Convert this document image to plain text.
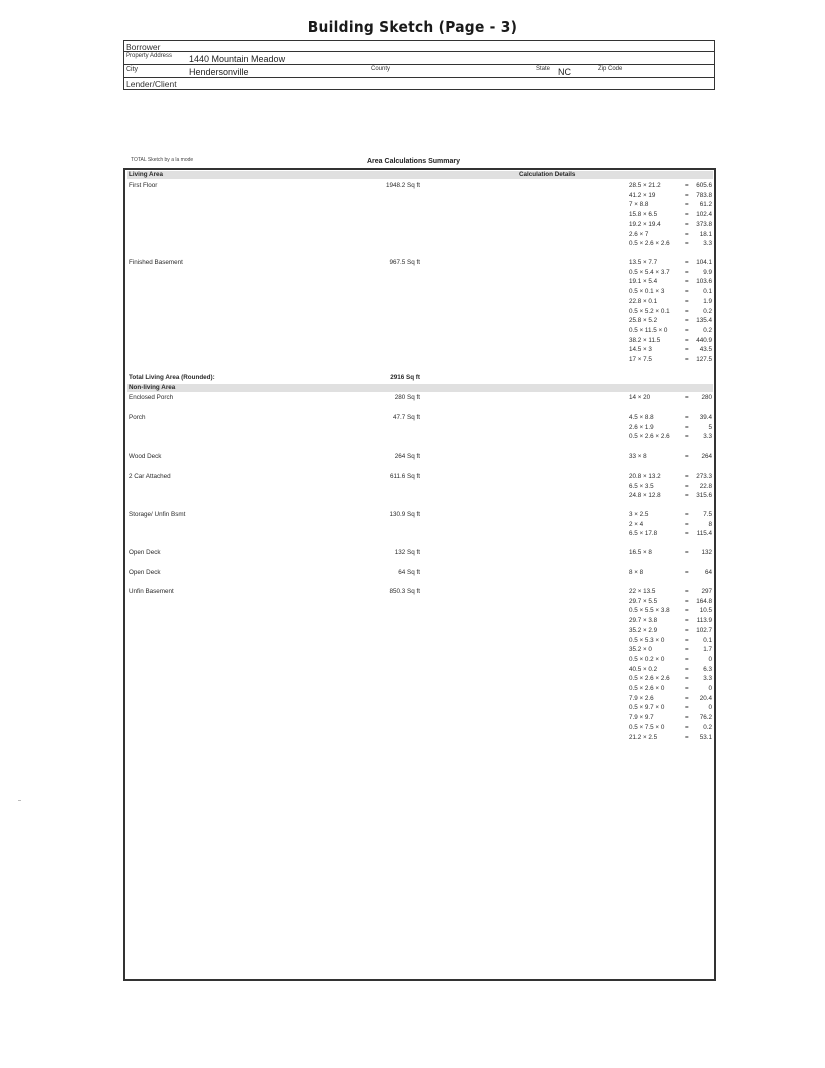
Building Sketch (Page - 3)
Borrower
Property Address 1440 Mountain Meadow
City	Hendersonville	County	State NC	Zip Code
Lender/Client
TOTAL Sketch by a la mode	Area Calculations Summary
Living Area	Calculation Details
First Floor	1948.2 Sq ft	28.5 × 21.2	=	605.6
41.2 × 19	=	783.8
7 × 8.8	=	61.2
15.8 × 6.5	=	102.4
19.2 × 19.4	=	373.8
2.6 × 7	=	18.1
0.5 × 2.6 × 2.6 =	3.3
Finished Basement	967.5 Sq ft	13.5 × 7.7	=	104.1
0.5 × 5.4 × 3.7 =	9.9
19.1 × 5.4	=	103.6
0.5 × 0.1 × 3	=	0.1
22.8 × 0.1	=	1.9
0.5 × 5.2 × 0.1 =	0.2
25.8 × 5.2	=	135.4
0.5 × 11.5 × 0	=	0.2
38.2 × 11.5	=	440.9
14.5 × 3	=	43.5
17 × 7.5	=	127.5
Total Living Area (Rounded):	2916 Sq ft
Non-living Area
Enclosed Porch	280 Sq ft	14 × 20	=	280
Porch	47.7 Sq ft	4.5 × 8.8	=	39.4
2.6 × 1.9	=	5
0.5 × 2.6 × 2.6 =	3.3
Wood Deck	264 Sq ft	33 × 8	=	264
2 Car Attached	611.6 Sq ft	20.8 × 13.2	=	273.3
6.5 × 3.5	=	22.8
24.8 × 12.8	=	315.6
Storage/ Unfin Bsmt	130.9 Sq ft	3 × 2.5	=	7.5
2 × 4	=	8
6.5 × 17.8	=	115.4
Open Deck	132 Sq ft	16.5 × 8	=	132
Open Deck	64 Sq ft	8 × 8	=	64
Unfin Basement	850.3 Sq ft	22 × 13.5	=	297
29.7 × 5.5	=	164.8
0.5 × 5.5 × 3.8 =	10.5
29.7 × 3.8	=	113.9
35.2 × 2.9	=	102.7
0.5 × 5.3 × 0	=	0.1
35.2 × 0	=	1.7
0.5 × 0.2 × 0	=	0
40.5 × 0.2	=	6.3
0.5 × 2.6 × 2.6 =	3.3
0.5 × 2.6 × 0	=	0
7.9 × 2.6	=	20.4
0.5 × 9.7 × 0	=	0
7.9 × 9.7	=	76.2
0.5 × 7.5 × 0	=	0.2
21.2 × 2.5	=	53.1
